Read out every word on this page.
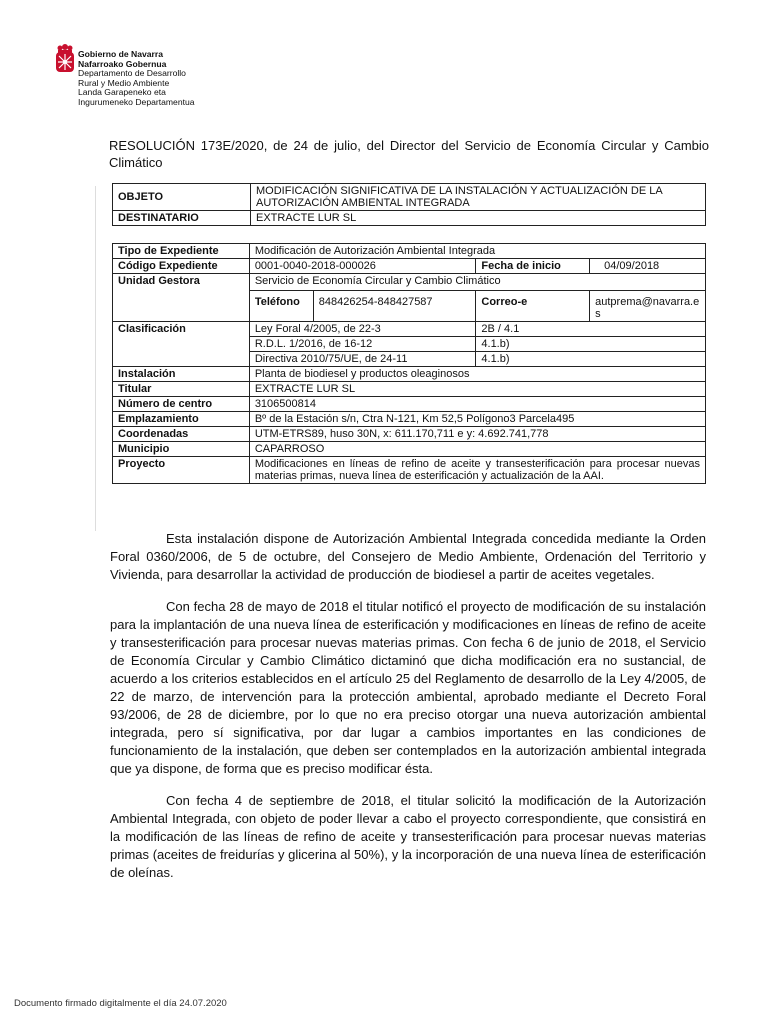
Gobierno de Navarra
Nafarroako Gobernua
Departamento de Desarrollo
Rural y Medio Ambiente
Landa Garapeneko eta
Ingurumeneko Departamentua
RESOLUCIÓN 173E/2020, de 24 de julio, del Director del Servicio de Economía Circular y Cambio Climático
OBJETO	MODIFICACIÓN SIGNIFICATIVA DE LA INSTALACIÓN Y ACTUALIZACIÓN DE LA AUTORIZACIÓN AMBIENTAL INTEGRADA
DESTINATARIO	EXTRACTE LUR SL
Tipo de Expediente	Modificación de Autorización Ambiental Integrada			
Código Expediente	0001-0040-2018-000026		Fecha de inicio	04/09/2018
Unidad Gestora	Servicio de Economía Circular y Cambio Climático			
	Teléfono	848426254-848427587	Correo-e	autprema@navarra.es
Clasificación	Ley Foral 4/2005, de 22-3		2B / 4.1	
	R.D.L. 1/2016, de 16-12		4.1.b)	
	Directiva 2010/75/UE, de 24-11		4.1.b)	
Instalación	Planta de biodiesel y productos oleaginosos			
Titular	EXTRACTE LUR SL			
Número de centro	3106500814			
Emplazamiento	Bº de la Estación s/n, Ctra N-121, Km 52,5 Polígono3 Parcela495			
Coordenadas	UTM-ETRS89, huso 30N, x: 611.170,711 e y: 4.692.741,778			
Municipio	CAPARROSO			
Proyecto	Modificaciones en líneas de refino de aceite y transesterificación para procesar nuevas materias primas, nueva línea de esterificación y actualización de la AAI.			

Esta instalación dispone de Autorización Ambiental Integrada concedida mediante la Orden Foral 0360/2006, de 5 de octubre, del Consejero de Medio Ambiente, Ordenación del Territorio y Vivienda, para desarrollar la actividad de producción de biodiesel a partir de aceites vegetales.

Con fecha 28 de mayo de 2018 el titular notificó el proyecto de modificación de su instalación para la implantación de una nueva línea de esterificación y modificaciones en líneas de refino de aceite y transesterificación para procesar nuevas materias primas. Con fecha 6 de junio de 2018, el Servicio de Economía Circular y Cambio Climático dictaminó que dicha modificación era no sustancial, de acuerdo a los criterios establecidos en el artículo 25 del Reglamento de desarrollo de la Ley 4/2005, de 22 de marzo, de intervención para la protección ambiental, aprobado mediante el Decreto Foral 93/2006, de 28 de diciembre, por lo que no era preciso otorgar una nueva autorización ambiental integrada, pero sí significativa, por dar lugar a cambios importantes en las condiciones de funcionamiento de la instalación, que deben ser contemplados en la autorización ambiental integrada que ya dispone, de forma que es preciso modificar ésta.

Con fecha 4 de septiembre de 2018, el titular solicitó la modificación de la Autorización Ambiental Integrada, con objeto de poder llevar a cabo el proyecto correspondiente, que consistirá en la modificación de las líneas de refino de aceite y transesterificación para procesar nuevas materias primas (aceites de freidurías y glicerina al 50%), y la incorporación de una nueva línea de esterificación de oleínas.

Documento firmado digitalmente el día 24.07.2020
